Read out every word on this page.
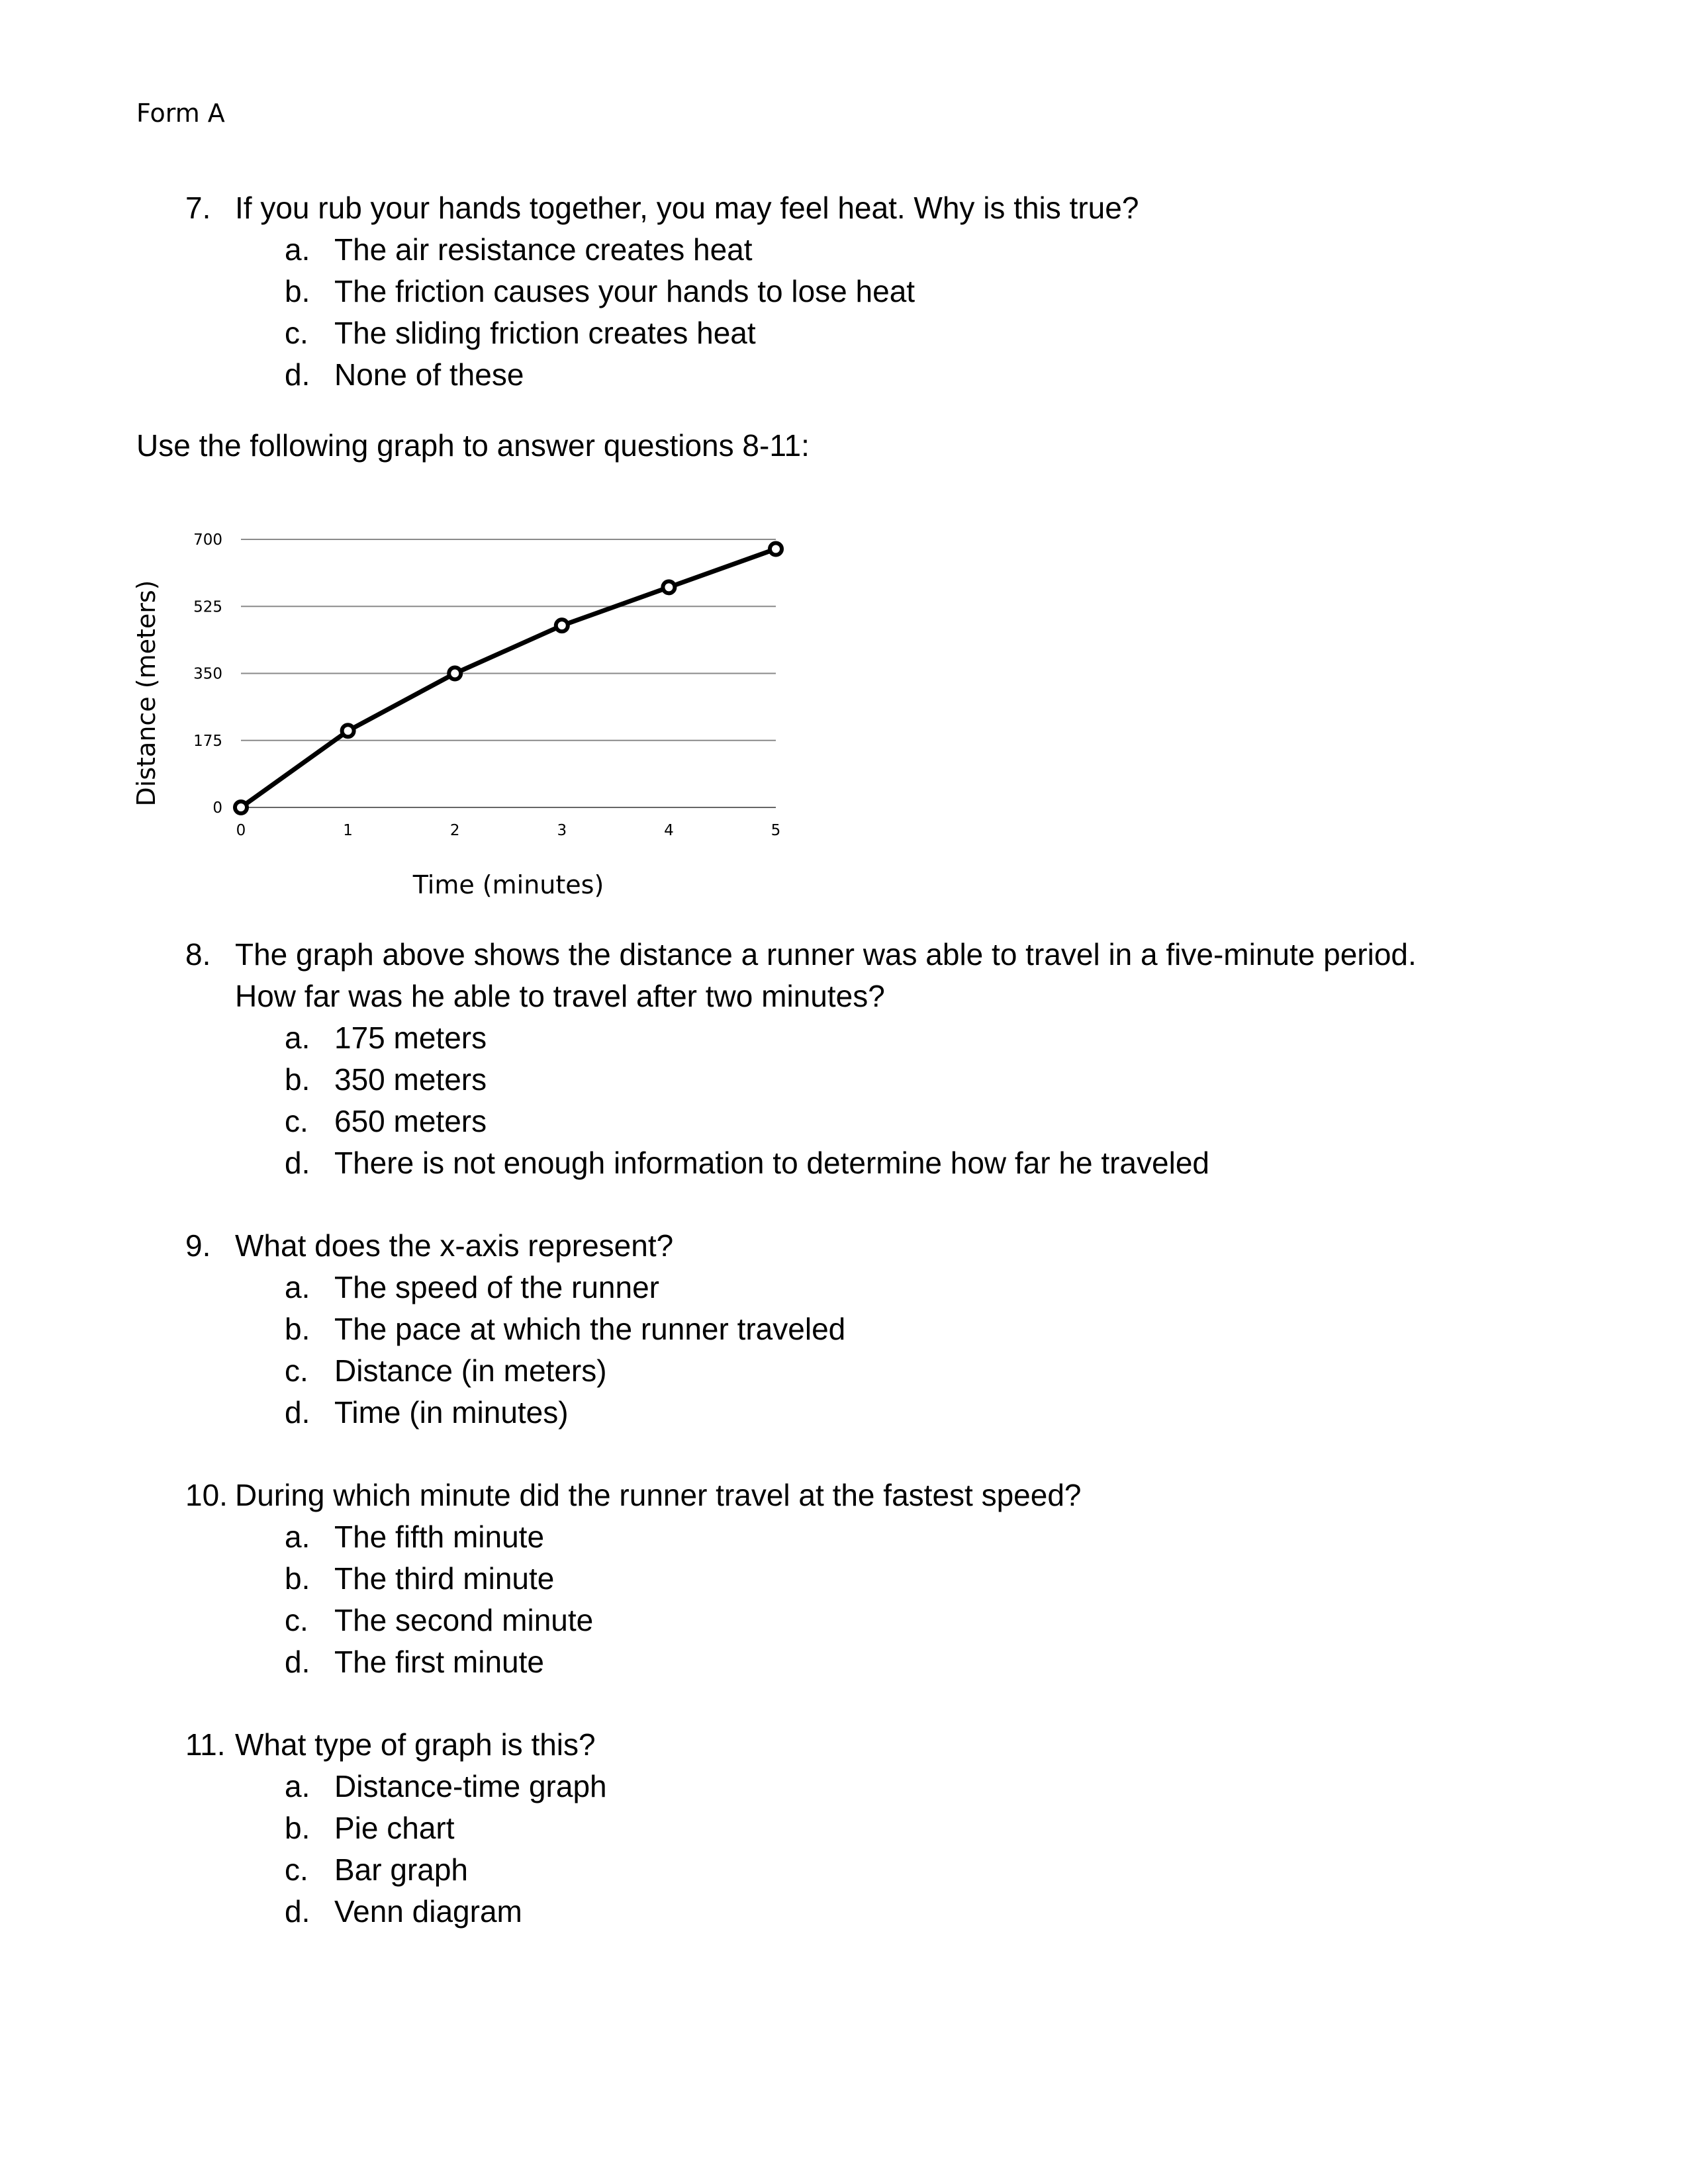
Form A
7. If you rub your hands together, you may feel heat. Why is this true?
a. The air resistance creates heat
b. The friction causes your hands to lose heat
c. The sliding friction creates heat
d. None of these
Use the following graph to answer questions 8-11:
0
175
350
525
700
0	1	2	3	4	5
Time (minutes)
Distance (meters)
8. The graph above shows the distance a runner was able to travel in a five-minute period.
How far was he able to travel after two minutes?
a. 175 meters
b. 350 meters
c. 650 meters
d. There is not enough information to determine how far he traveled
9. What does the x-axis represent?
a. The speed of the runner
b. The pace at which the runner traveled
c. Distance (in meters)
d. Time (in minutes)
10. During which minute did the runner travel at the fastest speed?
a. The fifth minute
b. The third minute
c. The second minute
d. The first minute
11. What type of graph is this?
a. Distance-time graph
b. Pie chart
c. Bar graph
d. Venn diagram
